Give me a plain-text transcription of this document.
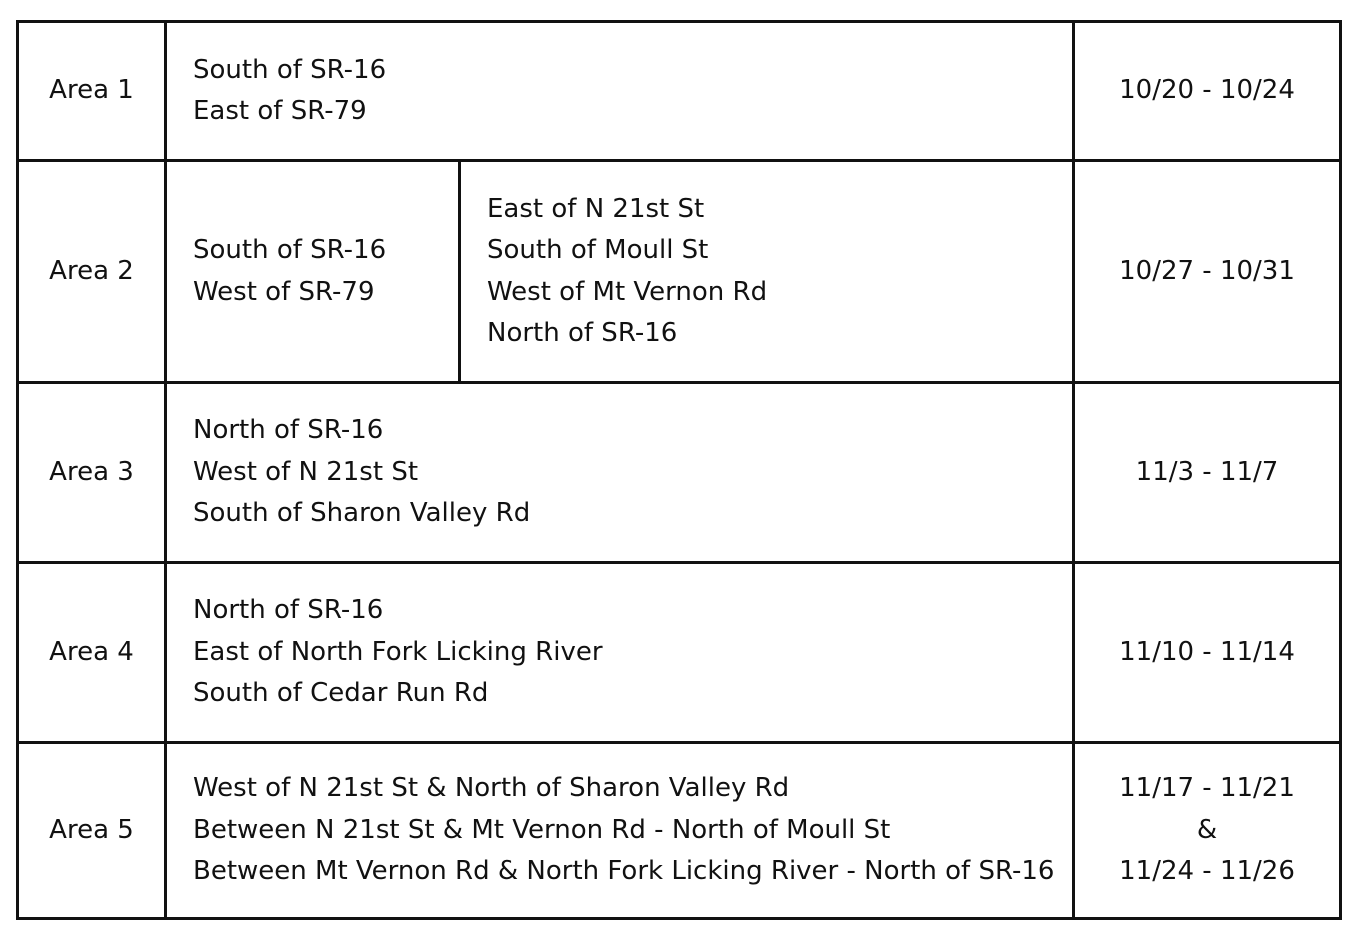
Area 1
South of SR-16
East of SR-79
10/20 - 10/24
Area 2
South of SR-16
West of SR-79
East of N 21st St
South of Moull St
West of Mt Vernon Rd
North of SR-16
10/27 - 10/31
Area 3
North of SR-16
West of N 21st St
South of Sharon Valley Rd
11/3 - 11/7
Area 4
North of SR-16
East of North Fork Licking River
South of Cedar Run Rd
11/10 - 11/14
Area 5
West of N 21st St & North of Sharon Valley Rd
Between N 21st St & Mt Vernon Rd - North of Moull St
Between Mt Vernon Rd & North Fork Licking River - North of SR-16
11/17 - 11/21
&
11/24 - 11/26
